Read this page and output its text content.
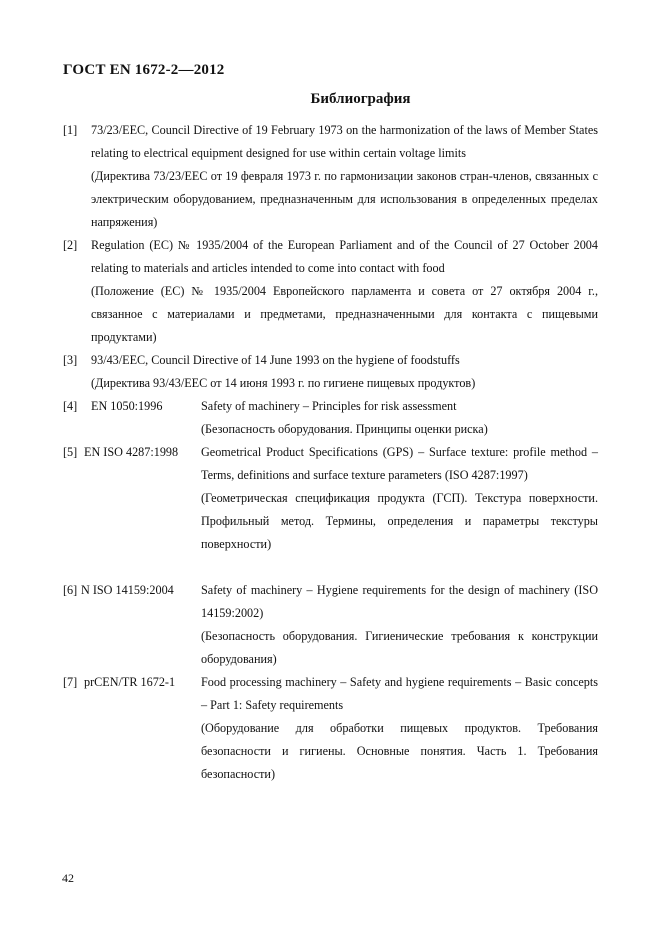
ГОСТ EN 1672-2—2012
Библиография
[1] 73/23/EEC, Council Directive of 19 February 1973 on the harmonization of the laws of Member States relating to electrical equipment designed for use within certain voltage limits

(Директива 73/23/EEC от 19 февраля 1973 г. по гармонизации законов стран-членов, связанных с электрическим оборудованием, предназначенным для использования в определенных пределах напряжения)

[2] Regulation (EC) № 1935/2004 of the European Parliament and of the Council of 27 October 2004 relating to materials and articles intended to come into contact with food

(Положение (ЕС) № 1935/2004 Европейского парламента и совета от 27 октября 2004 г., связанное с материалами и предметами, предназначенными для контакта с пищевыми продуктами)

[3] 93/43/EEC, Council Directive of 14 June 1993 on the hygiene of foodstuffs

(Директива 93/43/EEC от 14 июня 1993 г. по гигиене пищевых продуктов)

[4] EN 1050:1996	Safety of machinery – Principles for risk assessment

(Безопасность оборудования. Принципы оценки риска)

[5] EN ISO 4287:1998 Geometrical Product Specifications (GPS) – Surface texture: profile method – Terms, definitions and surface texture parameters (ISO 4287:1997)

(Геометрическая спецификация продукта (ГСП). Текстура поверхности. Профильный метод. Термины, определения и параметры текстуры поверхности)

[6] N ISO 14159:2004 Safety of machinery – Hygiene requirements for the design of machinery (ISO 14159:2002)

(Безопасность оборудования. Гигиенические требования к конструкции оборудования)

[7] prCEN/TR 1672-1 Food processing machinery – Safety and hygiene requirements – Basic concepts – Part 1: Safety requirements

(Оборудование для обработки пищевых продуктов. Требования безопасности и гигиены. Основные понятия. Часть 1. Требования безопасности)

42
